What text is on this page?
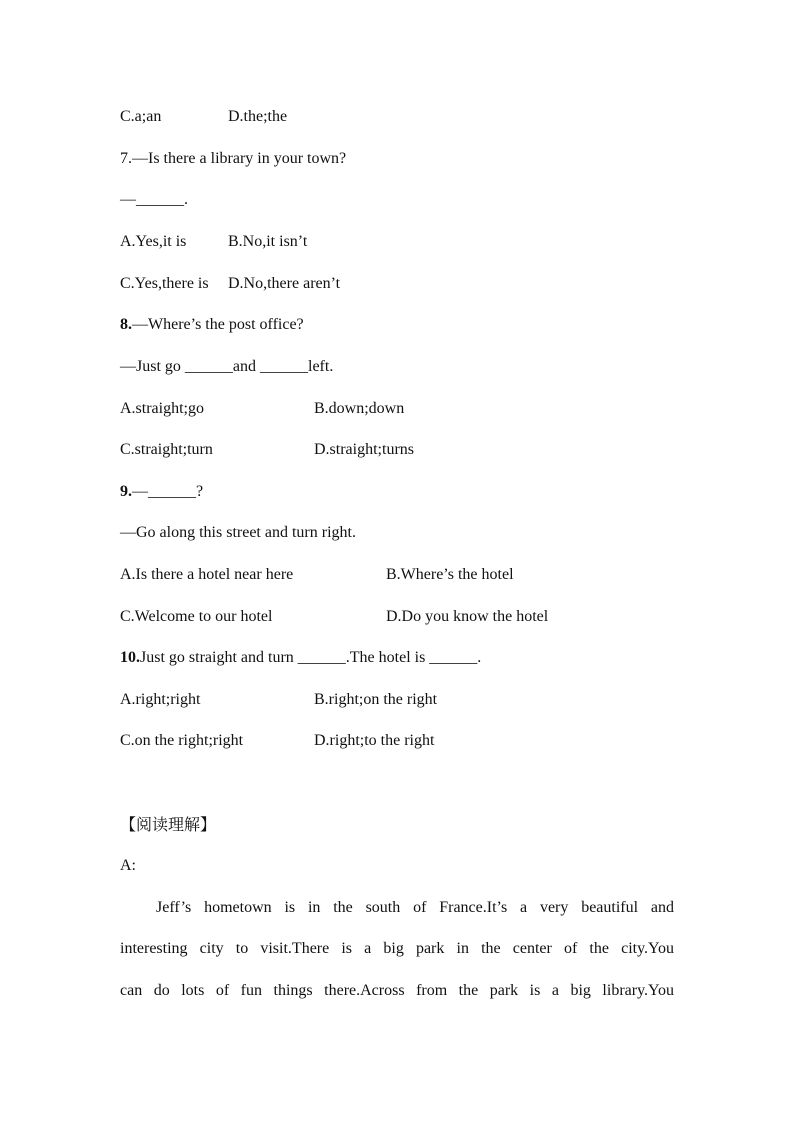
C.a;an	D.the;the
7.—Is there a library in your town?
—______.
A.Yes,it is	B.No,it isn’t
C.Yes,there is D.No,there aren’t
8.—Where’s the post office?
—Just go ______and ______left.
A.straight;go	B.down;down
C.straight;turn	D.straight;turns
9.—______?
—Go along this street and turn right.
A.Is there a hotel near here	B.Where’s the hotel
C.Welcome to our hotel	D.Do you know the hotel
10.Just go straight and turn ______.The hotel is ______.
A.right;right	B.right;on the right
C.on the right;right	D.right;to the right
【阅读理解】
A:
Jeff’s hometown is in the south of France.It’s a very beautiful and
interesting city to visit.There is a big park in the center of the city.You
can do lots of fun things there.Across from the park is a big library.You
